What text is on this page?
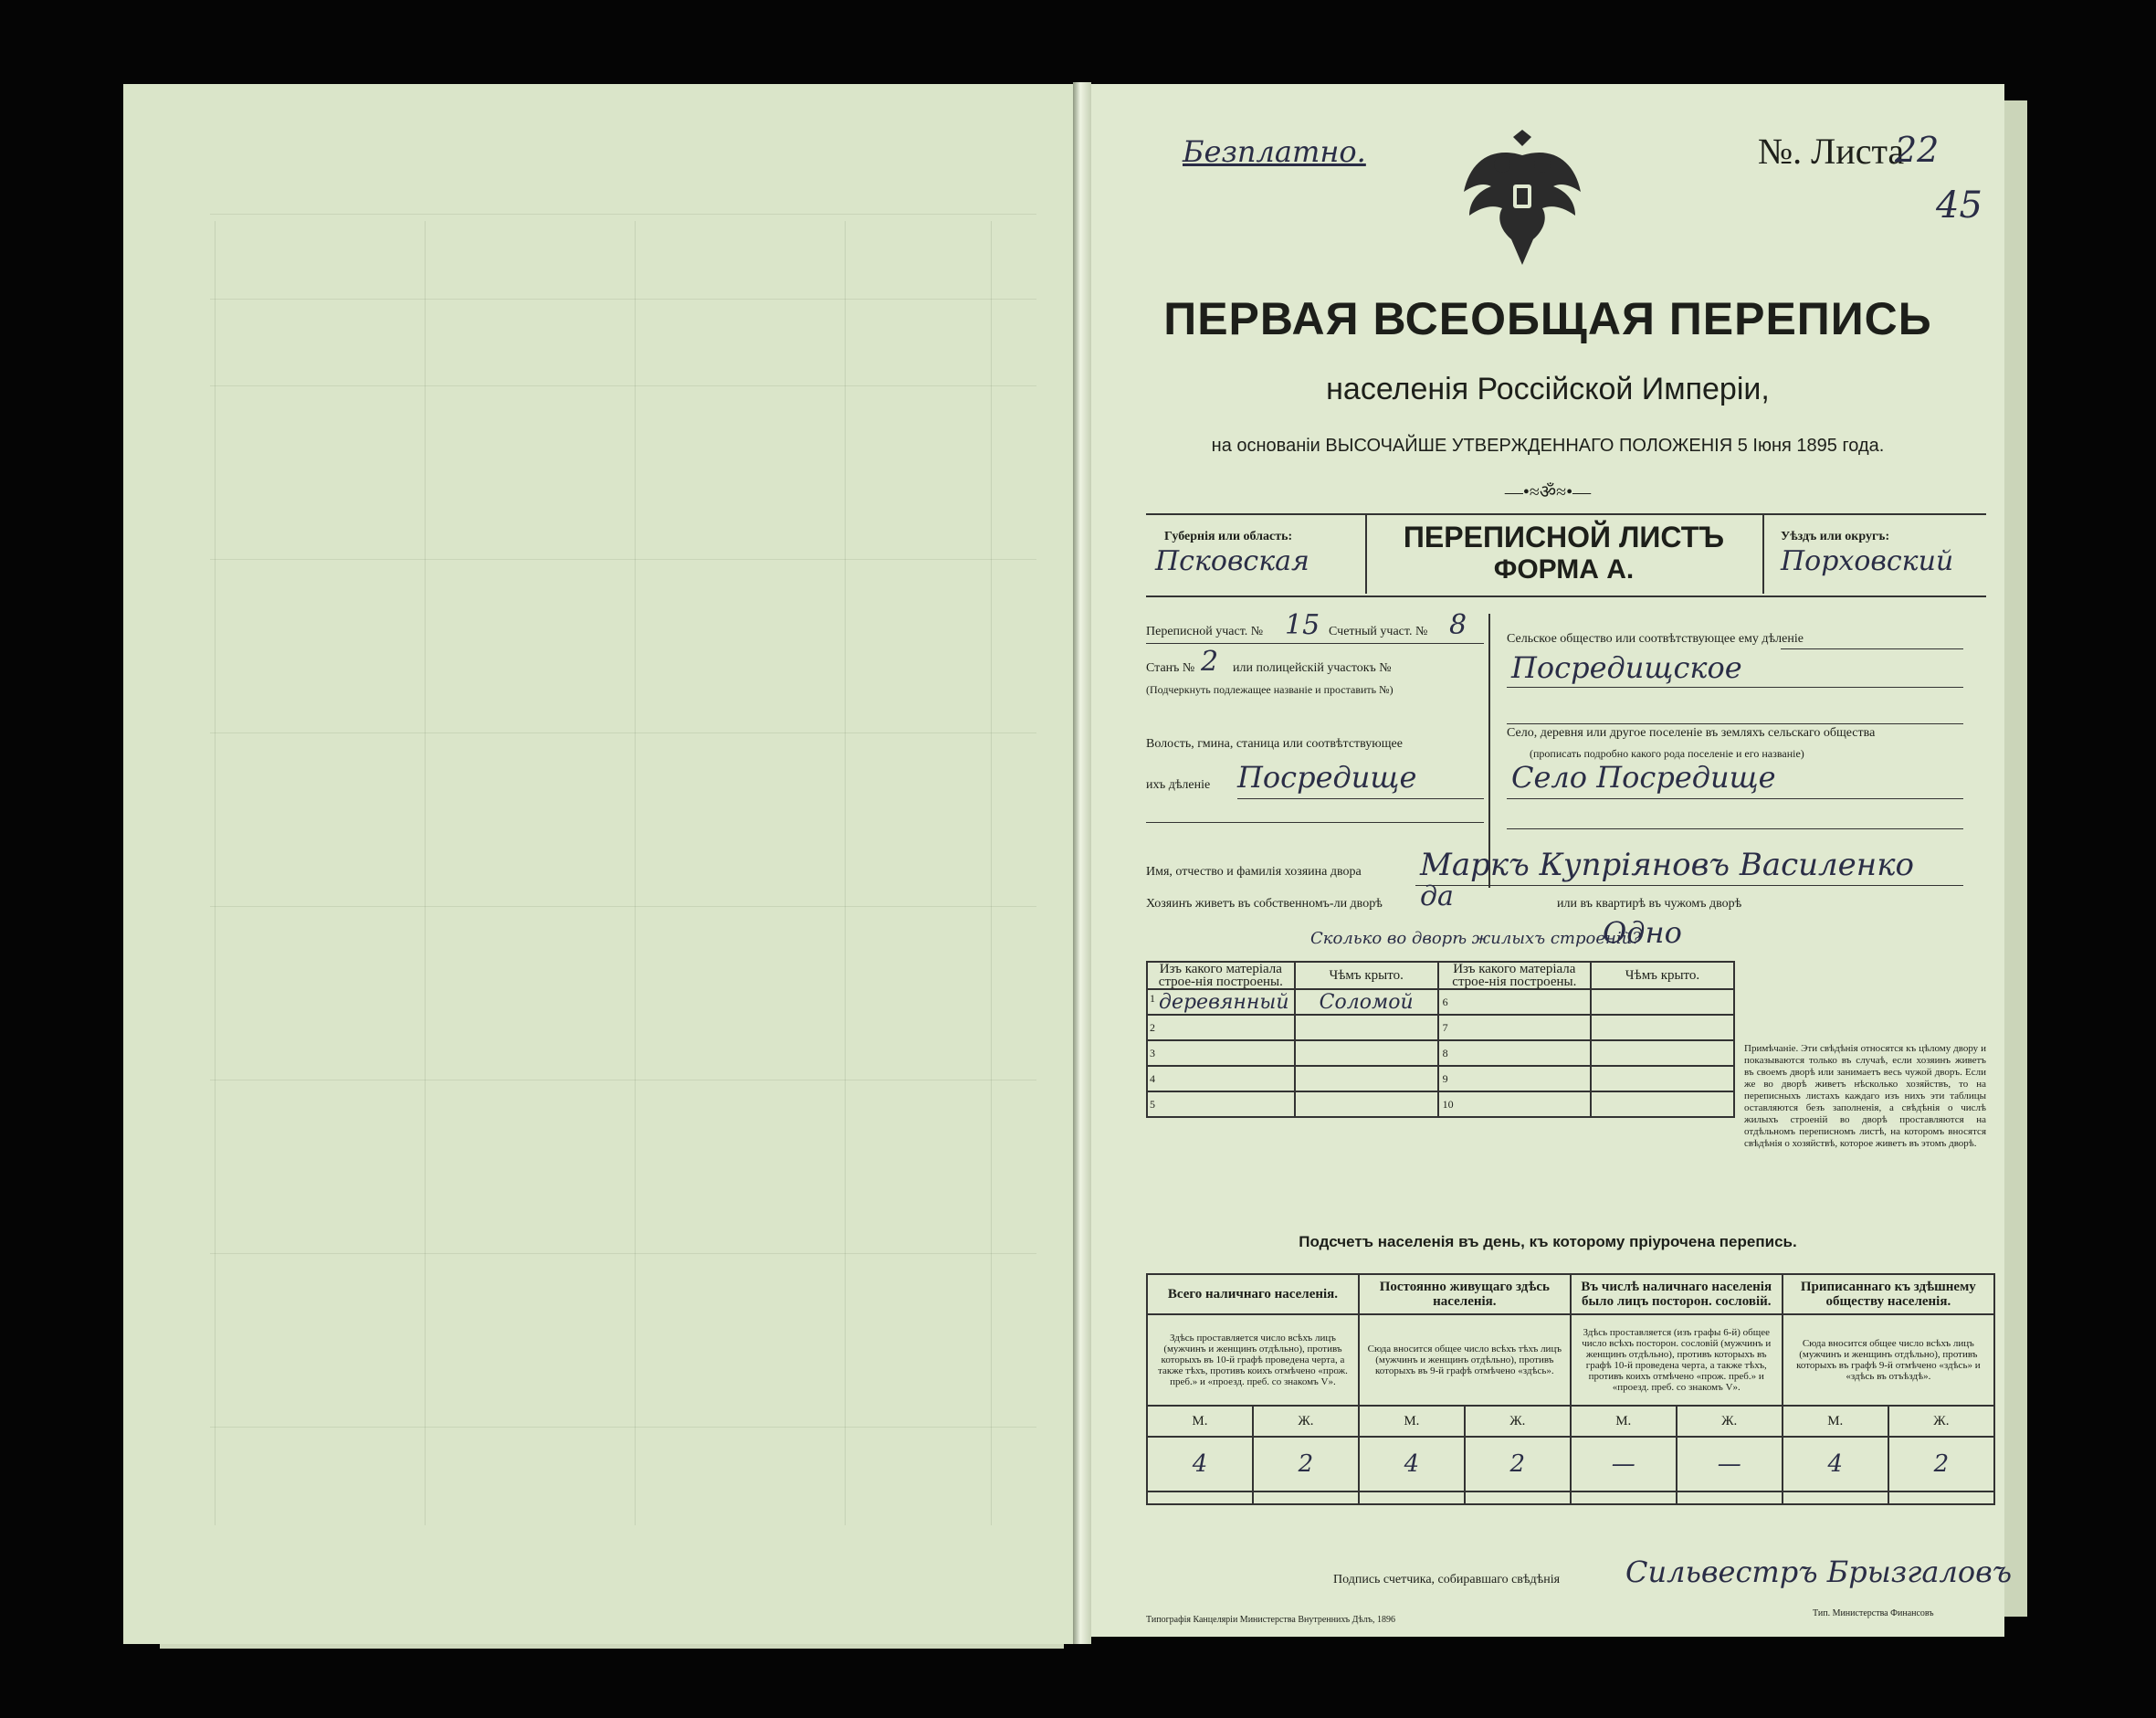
Безплатно.	№. Листа
22
45
ПЕРВАЯ ВСЕОБЩАЯ ПЕРЕПИСЬ
населенія Россійской Имперіи,
на основаніи ВЫСОЧАЙШЕ УТВЕРЖДЕННАГО ПОЛОЖЕНІЯ 5 Іюня 1895 года.
—•≈ॐ≈•—
Губернія или область:
Псковская
ПЕРЕПИСНОЙ ЛИСТЪ
ФОРМА А.
Уѣздъ или округъ:
Порховский
Переписной участ. № 15 Счетный участ. № 8
Станъ № 2 или полицейскій участокъ №
(Подчеркнуть подлежащее названіе и проставить №)
Волость, гмина, станица или соотвѣтствующее
ихъ дѣленіе Посредище
Сельское общество или соотвѣтствующее ему дѣленіе
Посредищское
Село, деревня или другое поселеніе въ земляхъ сельскаго общества
(прописать подробно какого рода поселеніе и его названіе)
Село Посредище
Имя, отчество и фамилія хозяина двора Маркъ Купріяновъ Василенко
Хозяинъ живетъ въ собственномъ-ли дворѣ да	или въ квартирѣ въ чужомъ дворѣ
Сколько во дворѣ жилыхъ строеній?
Одно
Изъ какого матеріала строе-нія построены.	Чѣмъ крыто.	Изъ какого матеріала строе-нія построены.	Чѣмъ крыто.

1 деревянный	Соломой	6	
2		7	
3		8	
4		9	
5		10	
Примѣчаніе. Эти свѣдѣнія относятся къ цѣлому двору и показываются только въ случаѣ, если хозяинъ живетъ въ своемъ дворѣ или занимаетъ весь чужой дворъ. Если же во дворѣ живетъ нѣсколько хозяйствъ, то на переписныхъ листахъ каждаго изъ нихъ эти таблицы оставляются безъ заполненія, а свѣдѣнія о числѣ жилыхъ строеній во дворѣ проставляются на отдѣльномъ переписномъ листѣ, на которомъ вносятся свѣдѣнія о хозяйствѣ, которое живетъ въ этомъ дворѣ.
Подсчетъ населенія въ день, къ которому пріурочена перепись.
Всего наличнаго населенія.		Постоянно живущаго здѣсь населенія.		Въ числѣ наличнаго населенія было лицъ посторон. сословій.		Приписаннаго къ здѣшнему обществу населенія.	
Здѣсь проставляется число всѣхъ лицъ (мужчинъ и женщинъ отдѣльно), противъ которыхъ въ 10-й графѣ проведена черта, а также тѣхъ, противъ коихъ отмѣчено «прож. преб.» и «проезд. преб. со знакомъ V».		Сюда вносится общее число всѣхъ тѣхъ лицъ (мужчинъ и женщинъ отдѣльно), противъ которыхъ въ 9-й графѣ отмѣчено «здѣсь».		Здѣсь проставляется (изъ графы 6-й) общее число всѣхъ посторон. сословій (мужчинъ и женщинъ отдѣльно), противъ которыхъ въ графѣ 10-й проведена черта, а также тѣхъ, противъ коихъ отмѣчено «прож. преб.» и «проезд. преб. со знакомъ V».		Сюда вносится общее число всѣхъ лицъ (мужчинъ и женщинъ отдѣльно), противъ которыхъ въ графѣ 9-й отмѣчено «здѣсь» и «здѣсь въ отъѣздѣ».	
М.	Ж.	М.	Ж.	М.	Ж.	М.	Ж.
4	2	4	2	—	—	4	2

Подпись счетчика, собиравшаго свѣдѣнія Сильвестръ Брызгаловъ
Типографія Канцеляріи Министерства Внутреннихъ Дѣлъ, 1896
Тип. Министерства Финансовъ
